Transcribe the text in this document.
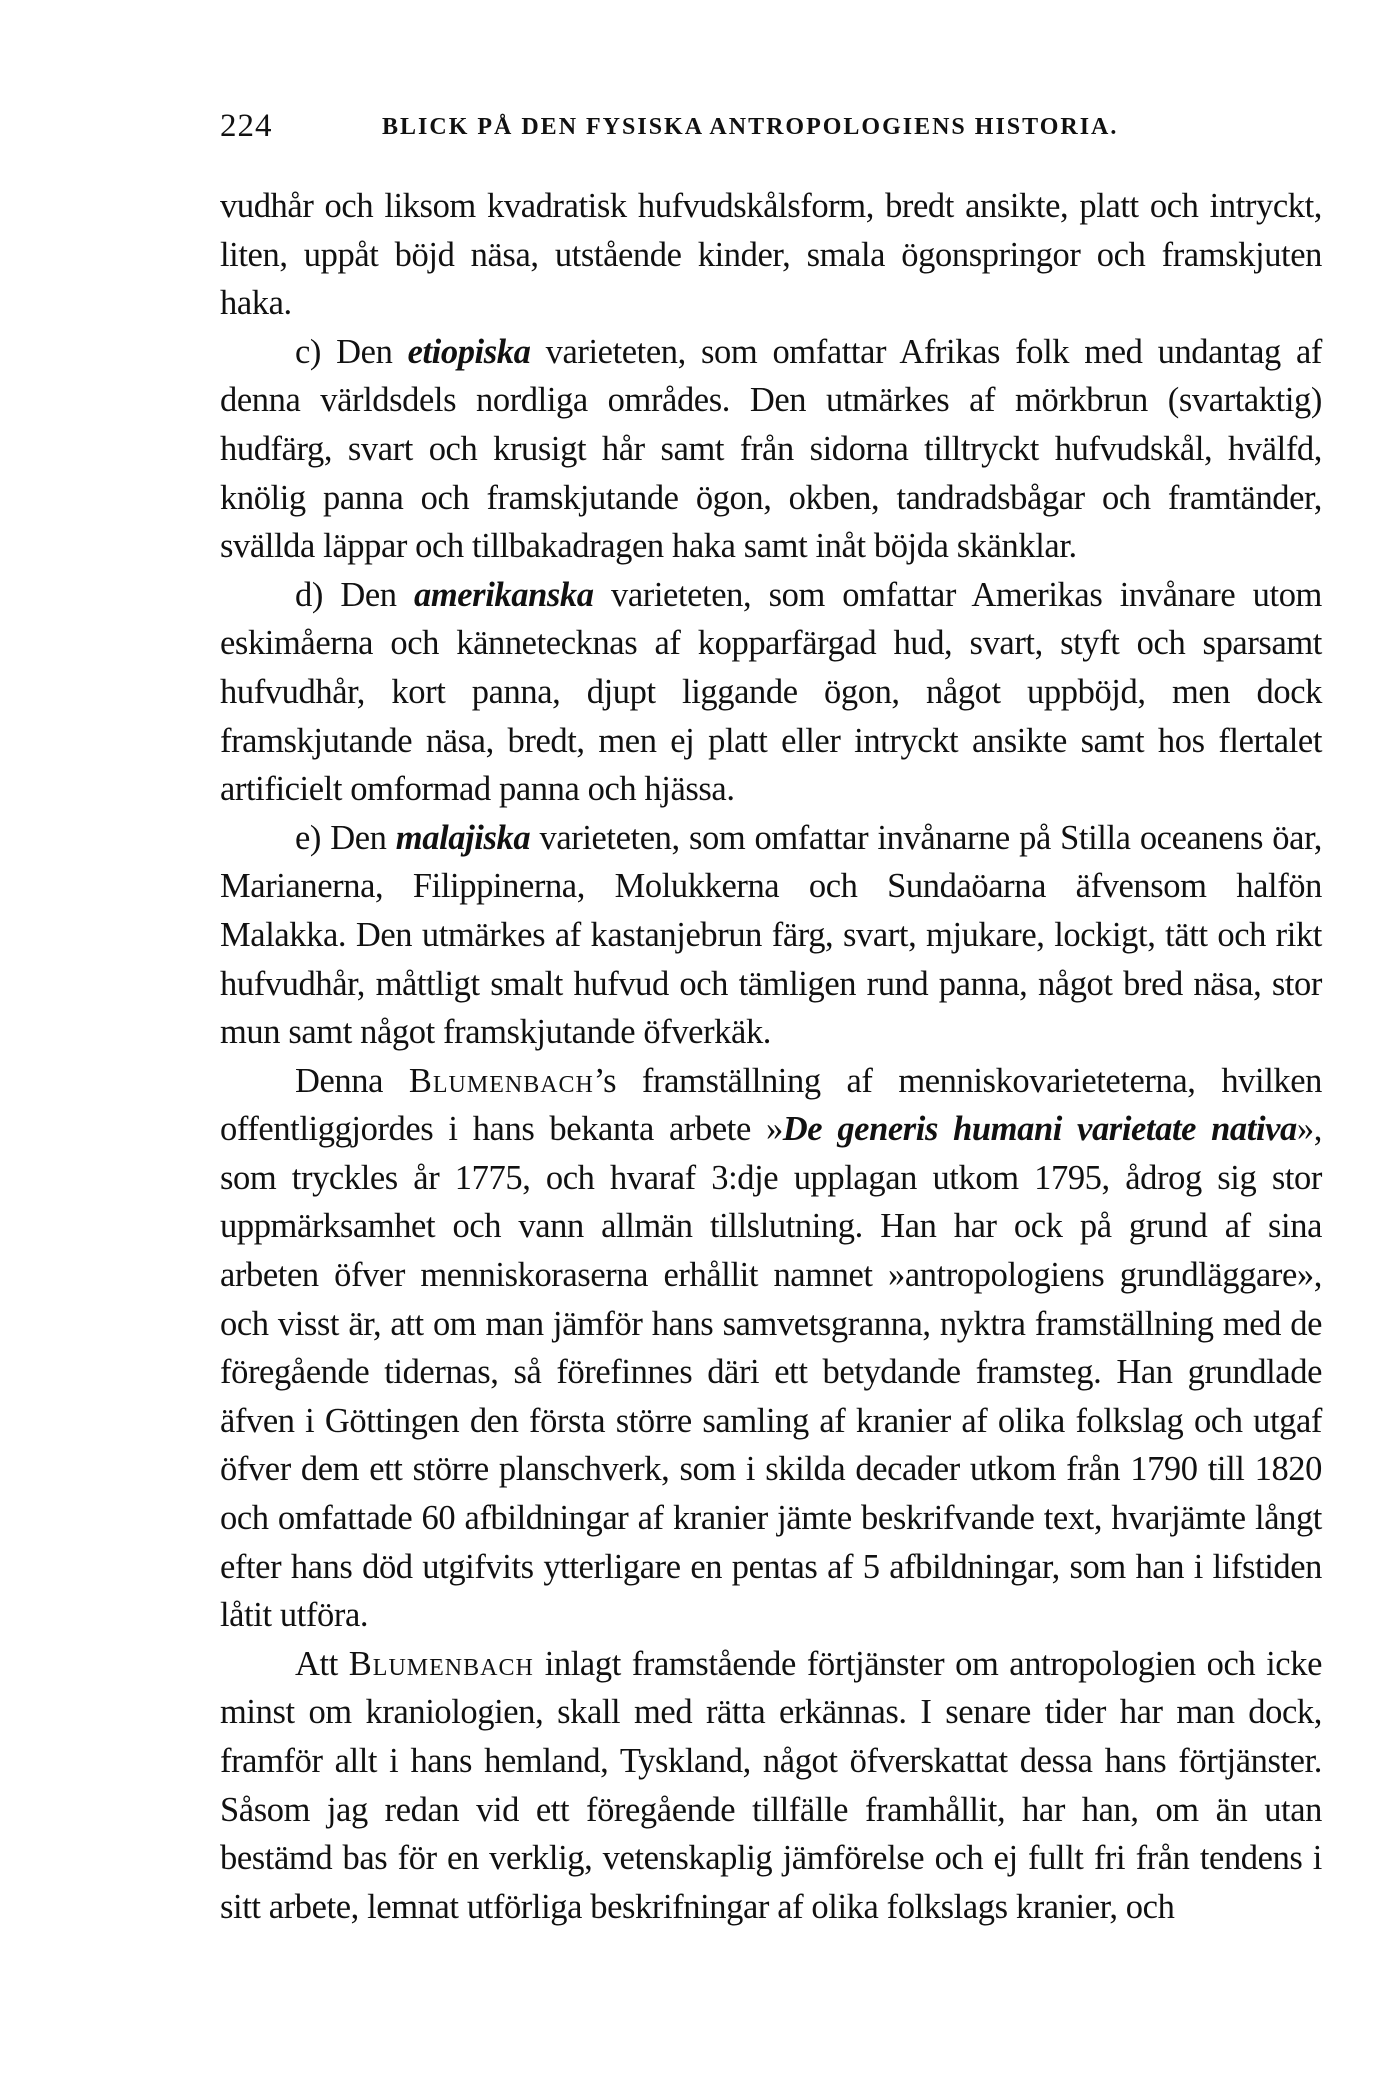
224	BLICK PÅ DEN FYSISKA ANTROPOLOGIENS HISTORIA.

vudhår och liksom kvadratisk hufvudskålsform, bredt ansikte, platt och intryckt, liten, uppåt böjd näsa, utstående kinder, smala ögonspringor och framskjuten haka.

c) Den etiopiska varieteten, som omfattar Afrikas folk med undantag af denna världsdels nordliga områdes. Den utmärkes af mörkbrun (svartaktig) hudfärg, svart och krusigt hår samt från sidorna tilltryckt hufvudskål, hvälfd, knölig panna och framskjutande ögon, okben, tandradsbågar och framtänder, svällda läppar och tillbakadragen haka samt inåt böjda skänklar.

d) Den amerikanska varieteten, som omfattar Amerikas invånare utom eskimåerna och kännetecknas af kopparfärgad hud, svart, styft och sparsamt hufvudhår, kort panna, djupt liggande ögon, något uppböjd, men dock framskjutande näsa, bredt, men ej platt eller intryckt ansikte samt hos flertalet artificielt omformad panna och hjässa.

e) Den malajiska varieteten, som omfattar invånarne på Stilla oceanens öar, Marianerna, Filippinerna, Molukkerna och Sundaöarna äfvensom halfön Malakka. Den utmärkes af kastanjebrun färg, svart, mjukare, lockigt, tätt och rikt hufvudhår, måttligt smalt hufvud och tämligen rund panna, något bred näsa, stor mun samt något framskjutande öfverkäk.

Denna Blumenbach’s framställning af menniskovarieteterna, hvilken offentliggjordes i hans bekanta arbete »De generis humani varietate nativa», som tryckles år 1775, och hvaraf 3:dje upplagan utkom 1795, ådrog sig stor uppmärksamhet och vann allmän tillslutning. Han har ock på grund af sina arbeten öfver menniskoraserna erhållit namnet »antropologiens grundläggare», och visst är, att om man jämför hans samvetsgranna, nyktra framställning med de föregående tidernas, så förefinnes däri ett betydande framsteg. Han grundlade äfven i Göttingen den första större samling af kranier af olika folkslag och utgaf öfver dem ett större planschverk, som i skilda decader utkom från 1790 till 1820 och omfattade 60 afbildningar af kranier jämte beskrifvande text, hvarjämte långt efter hans död utgifvits ytterligare en pentas af 5 afbildningar, som han i lifstiden låtit utföra.

Att Blumenbach inlagt framstående förtjänster om antropologien och icke minst om kraniologien, skall med rätta erkännas. I senare tider har man dock, framför allt i hans hemland, Tyskland, något öfverskattat dessa hans förtjänster. Såsom jag redan vid ett föregående tillfälle framhållit, har han, om än utan bestämd bas för en verklig, vetenskaplig jämförelse och ej fullt fri från tendens i sitt arbete, lemnat utförliga beskrifningar af olika folkslags kranier, och
